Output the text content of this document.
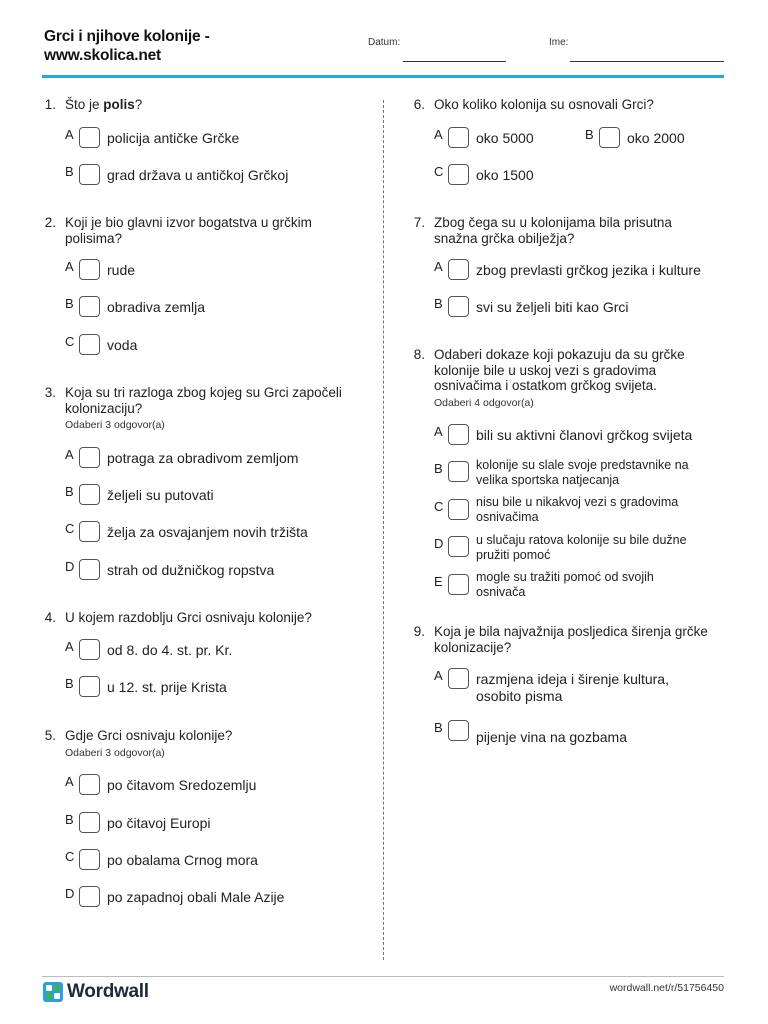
Grci i njihove kolonije -
www.skolica.net
Datum:	Ime:
1. Što je polis?
A policija antičke Grčke
B grad država u antičkoj Grčkoj
2. Koji je bio glavni izvor bogatstva u grčkim
polisima?
A rude
B obradiva zemlja
C voda
3. Koja su tri razloga zbog kojeg su Grci započeli
kolonizaciju?
Odaberi 3 odgovor(a)
A potraga za obradivom zemljom
B željeli su putovati
C želja za osvajanjem novih tržišta
D strah od dužničkog ropstva
4. U kojem razdoblju Grci osnivaju kolonije?
A od 8. do 4. st. pr. Kr.
B u 12. st. prije Krista
5. Gdje Grci osnivaju kolonije?
Odaberi 3 odgovor(a)
A po čitavom Sredozemlju
B po čitavoj Europi
C po obalama Crnog mora
D po zapadnoj obali Male Azije
6. Oko koliko kolonija su osnovali Grci?
A oko 5000	B oko 2000
C oko 1500
7. Zbog čega su u kolonijama bila prisutna
snažna grčka obilježja?
A zbog prevlasti grčkog jezika i kulture
B svi su željeli biti kao Grci
8. Odaberi dokaze koji pokazuju da su grčke
kolonije bile u uskoj vezi s gradovima
osnivačima i ostatkom grčkog svijeta.
Odaberi 4 odgovor(a)
A bili su aktivni članovi grčkog svijeta
B	kolonije su slale svoje predstavnike na
velika sportska natjecanja
C	nisu bile u nikakvoj vezi s gradovima
osnivačima
D	u slučaju ratova kolonije su bile dužne
pružiti pomoć
E	mogle su tražiti pomoć od svojih
osnivača
9. Koja je bila najvažnija posljedica širenja grčke
kolonizacije?
A razmjena ideja i širenje kultura,
osobito pisma
B
pijenje vina na gozbama
Wordwall	wordwall.net/r/51756450
